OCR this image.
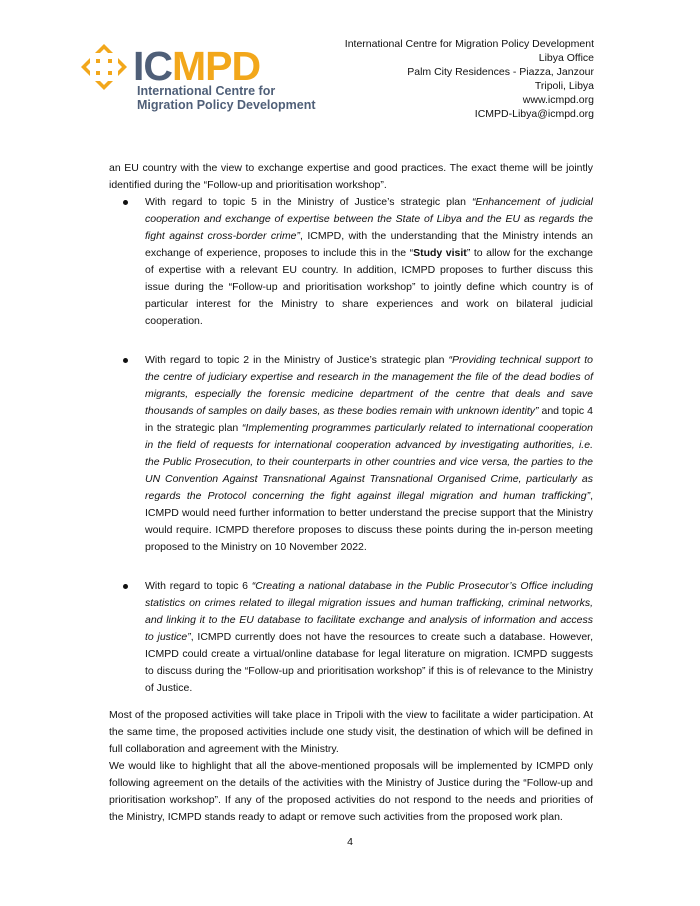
ICMPD
International Centre for
Migration Policy Development
International Centre for Migration Policy Development
Libya Office
Palm City Residences - Piazza, Janzour
Tripoli, Libya
www.icmpd.org
ICMPD-Libya@icmpd.org

an EU country with the view to exchange expertise and good practices. The exact theme will be jointly identified during the “Follow-up and prioritisation workshop”.

With regard to topic 5 in the Ministry of Justice’s strategic plan “Enhancement of judicial cooperation and exchange of expertise between the State of Libya and the EU as regards the fight against cross-border crime”, ICMPD, with the understanding that the Ministry intends an exchange of experience, proposes to include this in the “Study visit” to allow for the exchange of expertise with a relevant EU country. In addition, ICMPD proposes to further discuss this issue during the “Follow-up and prioritisation workshop” to jointly define which country is of particular interest for the Ministry to share experiences and work on bilateral judicial cooperation.

With regard to topic 2 in the Ministry of Justice’s strategic plan “Providing technical support to the centre of judiciary expertise and research in the management the file of the dead bodies of migrants, especially the forensic medicine department of the centre that deals and save thousands of samples on daily bases, as these bodies remain with unknown identity” and topic 4 in the strategic plan “Implementing programmes particularly related to international cooperation in the field of requests for international cooperation advanced by investigating authorities, i.e. the Public Prosecution, to their counterparts in other countries and vice versa, the parties to the UN Convention Against Transnational Against Transnational Organised Crime, particularly as regards the Protocol concerning the fight against illegal migration and human trafficking”, ICMPD would need further information to better understand the precise support that the Ministry would require. ICMPD therefore proposes to discuss these points during the in-person meeting proposed to the Ministry on 10 November 2022.

With regard to topic 6 “Creating a national database in the Public Prosecutor’s Office including statistics on crimes related to illegal migration issues and human trafficking, criminal networks, and linking it to the EU database to facilitate exchange and analysis of information and access to justice”, ICMPD currently does not have the resources to create such a database. However, ICMPD could create a virtual/online database for legal literature on migration. ICMPD suggests to discuss during the “Follow-up and prioritisation workshop” if this is of relevance to the Ministry of Justice.

Most of the proposed activities will take place in Tripoli with the view to facilitate a wider participation. At the same time, the proposed activities include one study visit, the destination of which will be defined in full collaboration and agreement with the Ministry.

We would like to highlight that all the above-mentioned proposals will be implemented by ICMPD only following agreement on the details of the activities with the Ministry of Justice during the “Follow-up and prioritisation workshop”. If any of the proposed activities do not respond to the needs and priorities of the Ministry, ICMPD stands ready to adapt or remove such activities from the proposed work plan.

4
